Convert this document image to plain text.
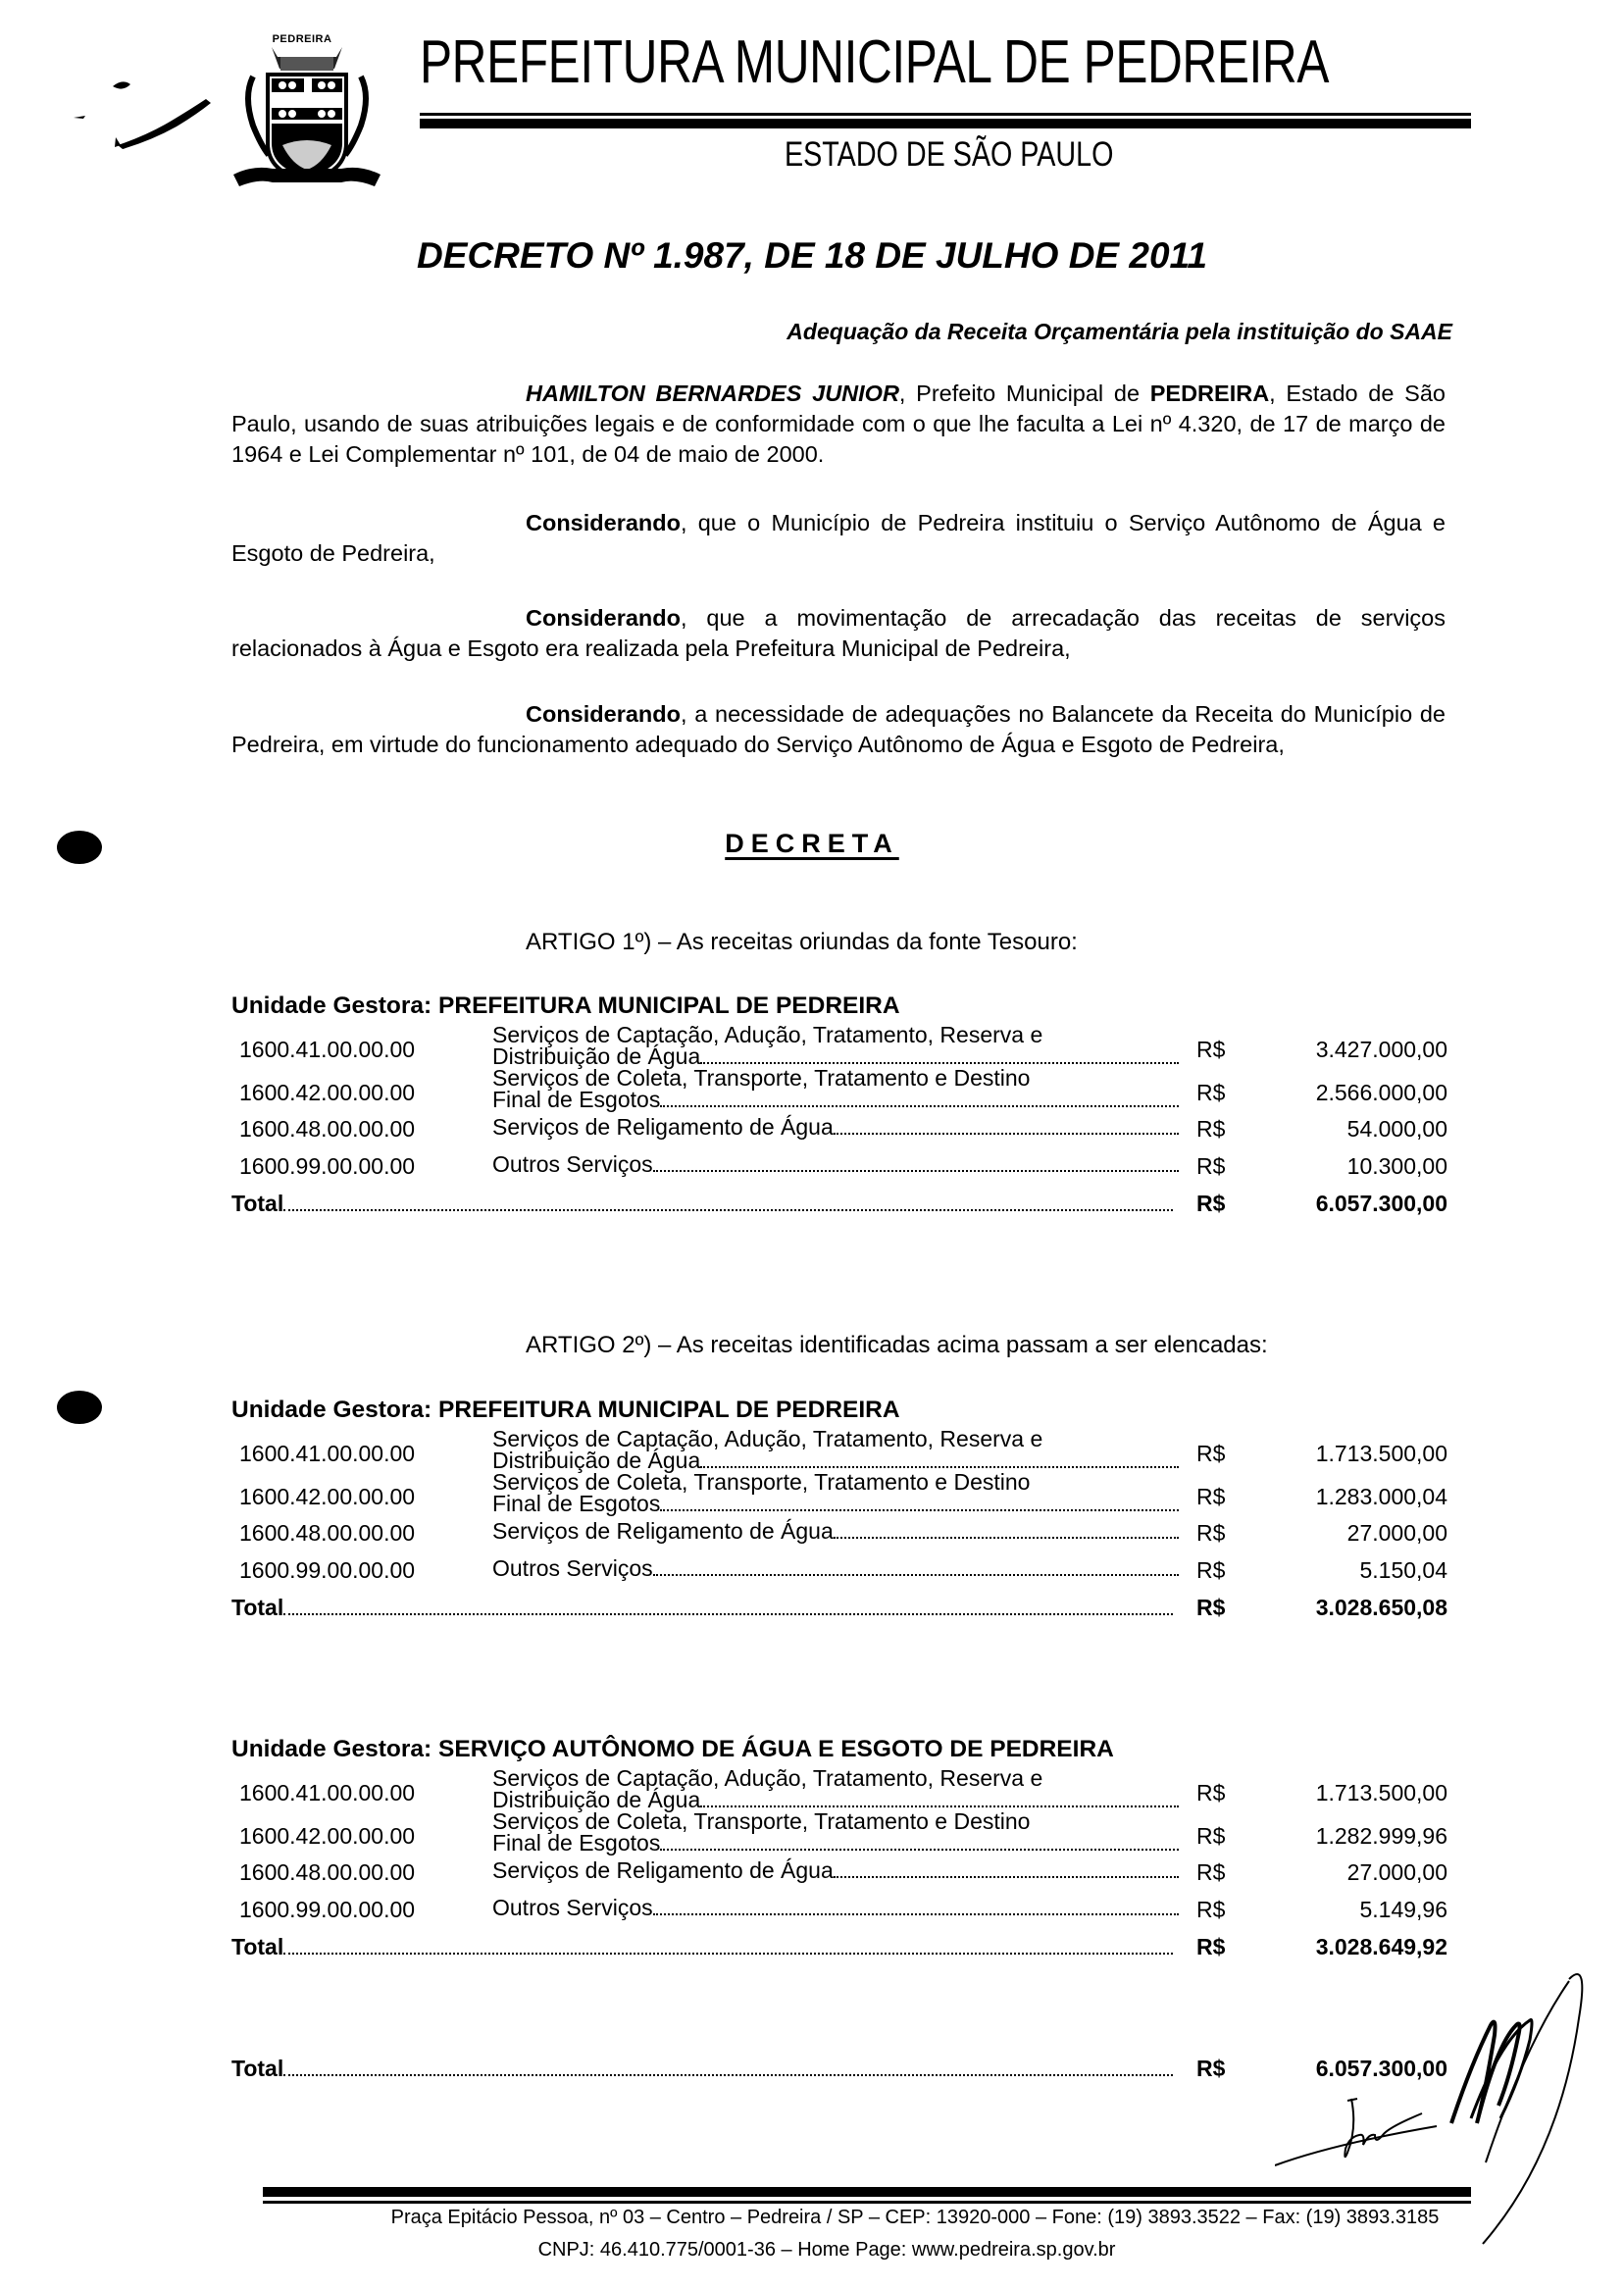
PEDREIRA PREFEITURA MUNICIPAL DE PEDREIRA
ESTADO DE SÃO PAULO
DECRETO Nº 1.987, DE 18 DE JULHO DE 2011
Adequação da Receita Orçamentária pela instituição do SAAE
HAMILTON BERNARDES JUNIOR, Prefeito Municipal de PEDREIRA, Estado de São Paulo, usando de suas atribuições legais e de conformidade com o que lhe faculta a Lei nº 4.320, de 17 de março de 1964 e Lei Complementar nº 101, de 04 de maio de 2000.
Considerando, que o Município de Pedreira instituiu o Serviço Autônomo de Água e Esgoto de Pedreira,
Considerando, que a movimentação de arrecadação das receitas de serviços relacionados à Água e Esgoto era realizada pela Prefeitura Municipal de Pedreira,
Considerando, a necessidade de adequações no Balancete da Receita do Município de Pedreira, em virtude do funcionamento adequado do Serviço Autônomo de Água e Esgoto de Pedreira,
DECRETA
ARTIGO 1º) – As receitas oriundas da fonte Tesouro:
Unidade Gestora: PREFEITURA MUNICIPAL DE PEDREIRA
1600.41.00.00.00
Serviços de Captação, Adução, Tratamento, Reserva e
Distribuição de Água	R$	3.427.000,00
1600.42.00.00.00
Serviços de Coleta, Transporte, Tratamento e Destino
Final de Esgotos	R$	2.566.000,00
1600.48.00.00.00	Serviços de Religamento de Água	R$	54.000,00
1600.99.00.00.00	Outros Serviços	R$	10.300,00
Total	R$	6.057.300,00
ARTIGO 2º) – As receitas identificadas acima passam a ser elencadas:
Unidade Gestora: PREFEITURA MUNICIPAL DE PEDREIRA
1600.41.00.00.00
Serviços de Captação, Adução, Tratamento, Reserva e
Distribuição de Água	R$	1.713.500,00
1600.42.00.00.00
Serviços de Coleta, Transporte, Tratamento e Destino
Final de Esgotos	R$	1.283.000,04
1600.48.00.00.00	Serviços de Religamento de Água	R$	27.000,00
1600.99.00.00.00	Outros Serviços	R$	5.150,04
Total	R$	3.028.650,08
Unidade Gestora: SERVIÇO AUTÔNOMO DE ÁGUA E ESGOTO DE PEDREIRA
1600.41.00.00.00
Serviços de Captação, Adução, Tratamento, Reserva e
Distribuição de Água	R$	1.713.500,00
1600.42.00.00.00
Serviços de Coleta, Transporte, Tratamento e Destino
Final de Esgotos	R$	1.282.999,96
1600.48.00.00.00	Serviços de Religamento de Água	R$	27.000,00
1600.99.00.00.00	Outros Serviços	R$	5.149,96
Total	R$	3.028.649,92
Total	R$	6.057.300,00
Praça Epitácio Pessoa, nº 03 – Centro – Pedreira / SP – CEP: 13920-000 – Fone: (19) 3893.3522 – Fax: (19) 3893.3185
CNPJ: 46.410.775/0001-36 – Home Page: www.pedreira.sp.gov.br
